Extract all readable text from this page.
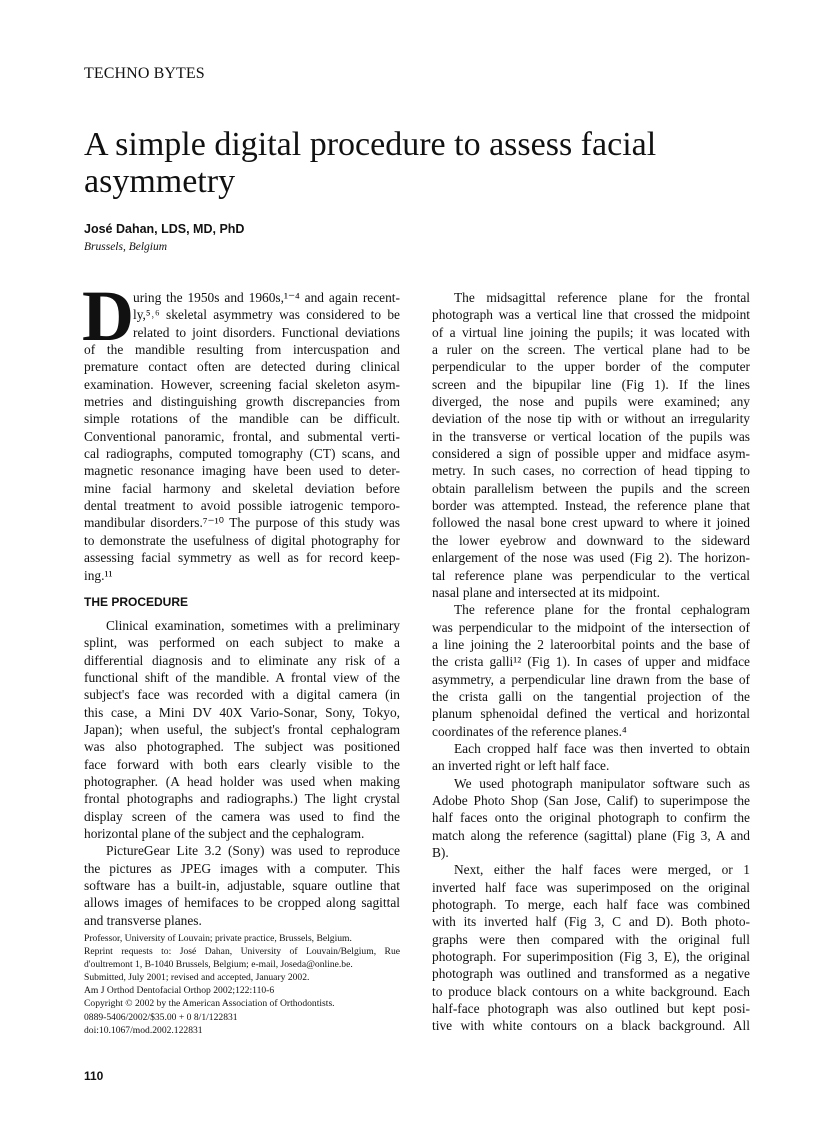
TECHNO BYTES
A simple digital procedure to assess facial asymmetry
José Dahan, LDS, MD, PhD
Brussels, Belgium
D uring the 1950s and 1960s,¹⁻⁴ and again recent-
ly,⁵˒⁶ skeletal asymmetry was considered to be
related to joint disorders. Functional deviations
of the mandible resulting from intercuspation and
premature contact often are detected during clinical
examination. However, screening facial skeleton asym-
metries and distinguishing growth discrepancies from
simple rotations of the mandible can be difficult.
Conventional panoramic, frontal, and submental verti-
cal radiographs, computed tomography (CT) scans, and
magnetic resonance imaging have been used to deter-
mine facial harmony and skeletal deviation before
dental treatment to avoid possible iatrogenic temporo-
mandibular disorders.⁷⁻¹⁰ The purpose of this study was
to demonstrate the usefulness of digital photography for
assessing facial symmetry as well as for record keep-
ing.¹¹
THE PROCEDURE
Clinical examination, sometimes with a preliminary
splint, was performed on each subject to make a
differential diagnosis and to eliminate any risk of a
functional shift of the mandible. A frontal view of the
subject's face was recorded with a digital camera (in
this case, a Mini DV 40X Vario-Sonar, Sony, Tokyo,
Japan); when useful, the subject's frontal cephalogram
was also photographed. The subject was positioned
face forward with both ears clearly visible to the
photographer. (A head holder was used when making
frontal photographs and radiographs.) The light crystal
display screen of the camera was used to find the
horizontal plane of the subject and the cephalogram.
PictureGear Lite 3.2 (Sony) was used to reproduce
the pictures as JPEG images with a computer. This
software has a built-in, adjustable, square outline that
allows images of hemifaces to be cropped along sagittal
and transverse planes.
The midsagittal reference plane for the frontal
photograph was a vertical line that crossed the midpoint
of a virtual line joining the pupils; it was located with
a ruler on the screen. The vertical plane had to be
perpendicular to the upper border of the computer
screen and the bipupilar line (Fig 1). If the lines
diverged, the nose and pupils were examined; any
deviation of the nose tip with or without an irregularity
in the transverse or vertical location of the pupils was
considered a sign of possible upper and midface asym-
metry. In such cases, no correction of head tipping to
obtain parallelism between the pupils and the screen
border was attempted. Instead, the reference plane that
followed the nasal bone crest upward to where it joined
the lower eyebrow and downward to the sideward
enlargement of the nose was used (Fig 2). The horizon-
tal reference plane was perpendicular to the vertical
nasal plane and intersected at its midpoint.
The reference plane for the frontal cephalogram
was perpendicular to the midpoint of the intersection of
a line joining the 2 lateroorbital points and the base of
the crista galli¹² (Fig 1). In cases of upper and midface
asymmetry, a perpendicular line drawn from the base of
the crista galli on the tangential projection of the
planum sphenoidal defined the vertical and horizontal
coordinates of the reference planes.⁴
Each cropped half face was then inverted to obtain
an inverted right or left half face.
We used photograph manipulator software such as
Adobe Photo Shop (San Jose, Calif) to superimpose the
half faces onto the original photograph to confirm the
match along the reference (sagittal) plane (Fig 3, A and
B).
Next, either the half faces were merged, or 1
inverted half face was superimposed on the original
photograph. To merge, each half face was combined
with its inverted half (Fig 3, C and D). Both photo-
graphs were then compared with the original full
photograph. For superimposition (Fig 3, E), the original
photograph was outlined and transformed as a negative
to produce black contours on a white background. Each
half-face photograph was also outlined but kept posi-
tive with white contours on a black background. All
Professor, University of Louvain; private practice, Brussels, Belgium.
Reprint requests to: José Dahan, University of Louvain/Belgium, Rue
d'oultremont 1, B-1040 Brussels, Belgium; e-mail, Joseda@online.be.
Submitted, July 2001; revised and accepted, January 2002.
Am J Orthod Dentofacial Orthop 2002;122:110-6
Copyright © 2002 by the American Association of Orthodontists.
0889-5406/2002/$35.00 + 0 8/1/122831
doi:10.1067/mod.2002.122831
110
